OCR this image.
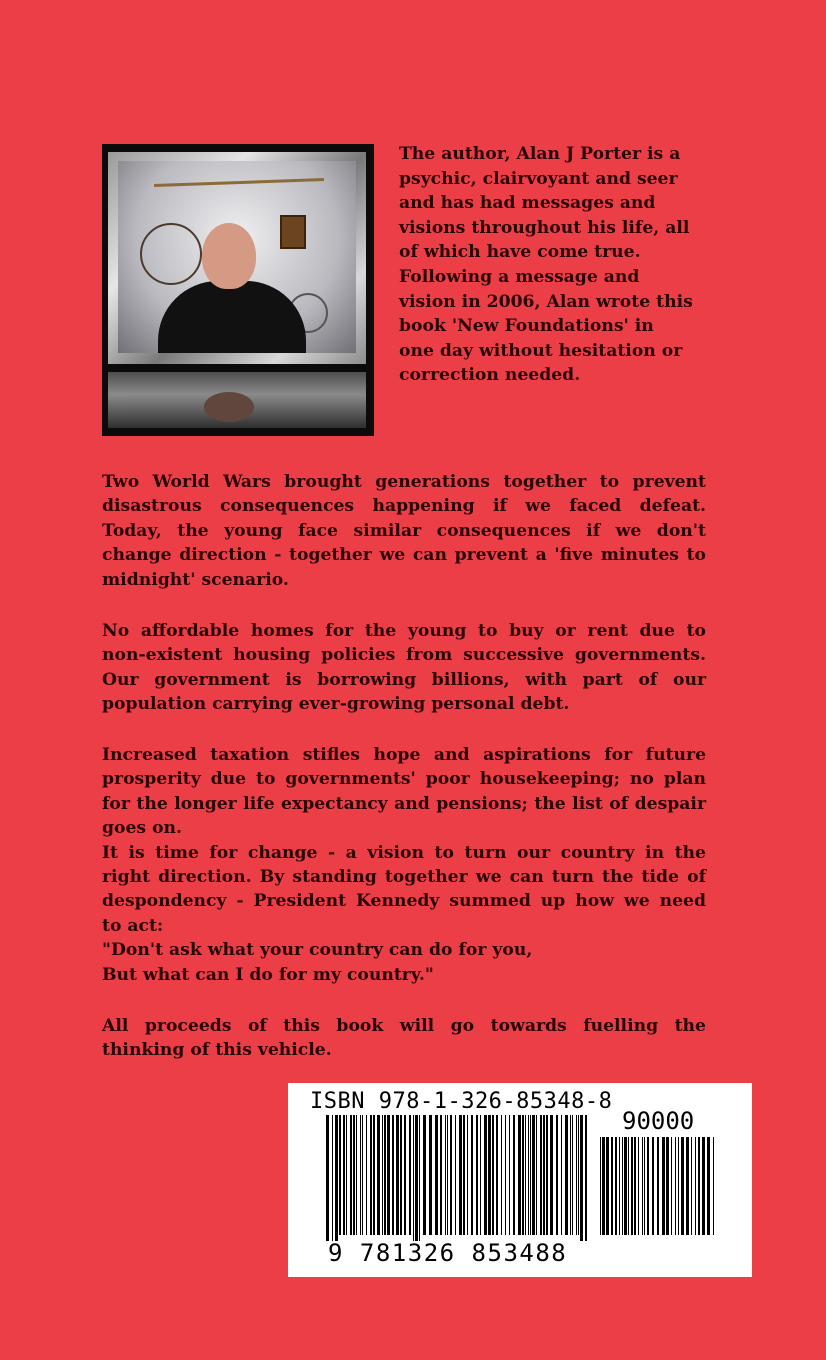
The author, Alan J Porter is a
psychic, clairvoyant and seer
and has had messages and
visions throughout his life, all
of which have come true.
Following a message and
vision in 2006, Alan wrote this
book 'New Foundations' in
one day without hesitation or
correction needed.
Two World Wars brought generations together to prevent
disastrous consequences happening if we faced defeat.
Today, the young face similar consequences if we don't
change direction - together we can prevent a 'five minutes to
midnight' scenario.
No affordable homes for the young to buy or rent due to
non-existent housing policies from successive governments.
Our government is borrowing billions, with part of our
population carrying ever-growing personal debt.
Increased taxation stifles hope and aspirations for future
prosperity due to governments' poor housekeeping; no plan
for the longer life expectancy and pensions; the list of despair
goes on.
It is time for change - a vision to turn our country in the
right direction. By standing together we can turn the tide of
despondency - President Kennedy summed up how we need
to act:
"Don't ask what your country can do for you,
But what can I do for my country."
All proceeds of this book will go towards fuelling the
thinking of this vehicle.
ISBN 978-1-326-85348-8
90000
9 781326 853488
